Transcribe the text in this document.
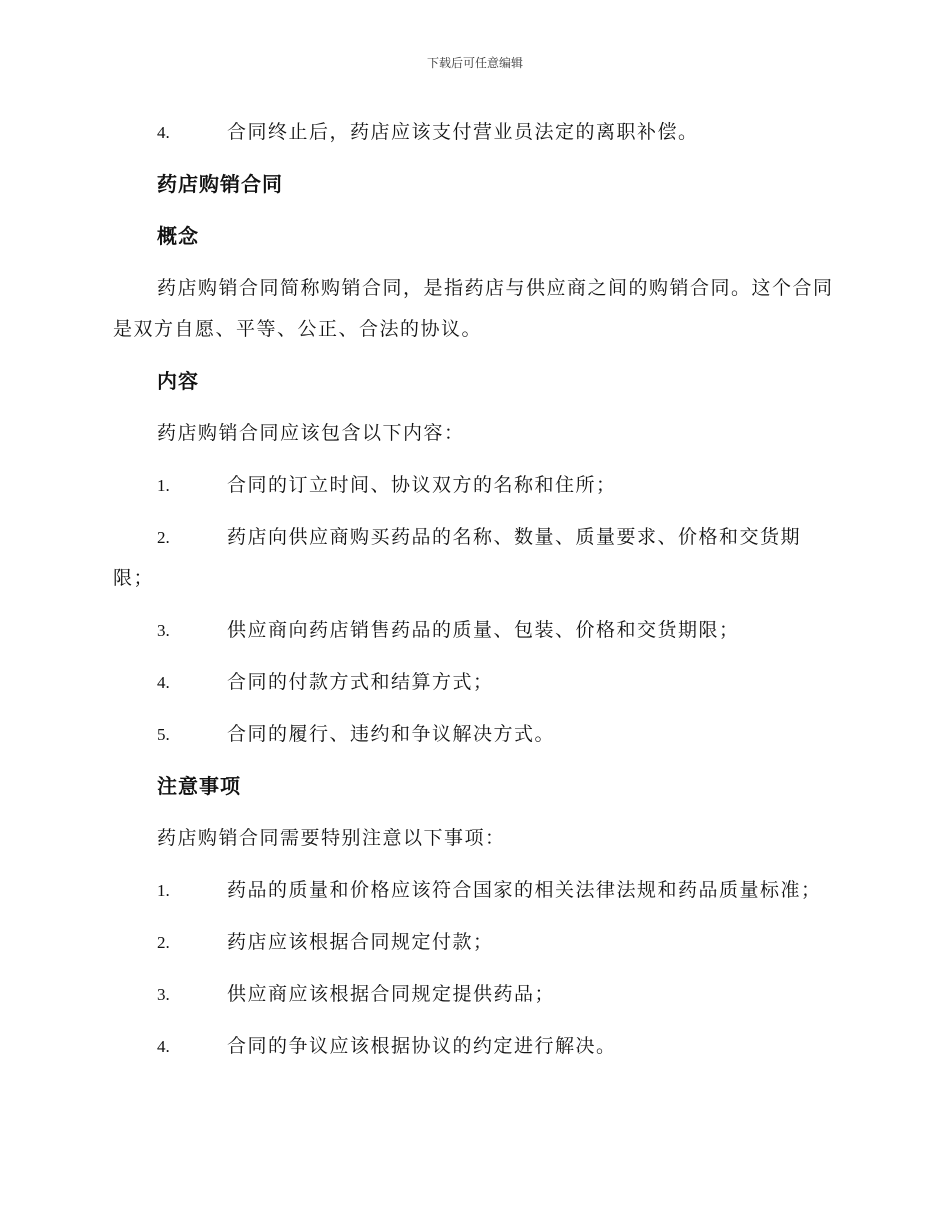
下载后可任意编辑
4.	合同终止后，药店应该支付营业员法定的离职补偿。
药店购销合同
概念
药店购销合同简称购销合同，是指药店与供应商之间的购销合同。这个合同是双方自愿、平等、公正、合法的协议。
内容
药店购销合同应该包含以下内容：
1.	合同的订立时间、协议双方的名称和住所；
2.	药店向供应商购买药品的名称、数量、质量要求、价格和交货期限；
3.	供应商向药店销售药品的质量、包装、价格和交货期限；
4.	合同的付款方式和结算方式；
5.	合同的履行、违约和争议解决方式。
注意事项
药店购销合同需要特别注意以下事项：
1.	药品的质量和价格应该符合国家的相关法律法规和药品质量标准；
2.	药店应该根据合同规定付款；
3.	供应商应该根据合同规定提供药品；
4.	合同的争议应该根据协议的约定进行解决。
